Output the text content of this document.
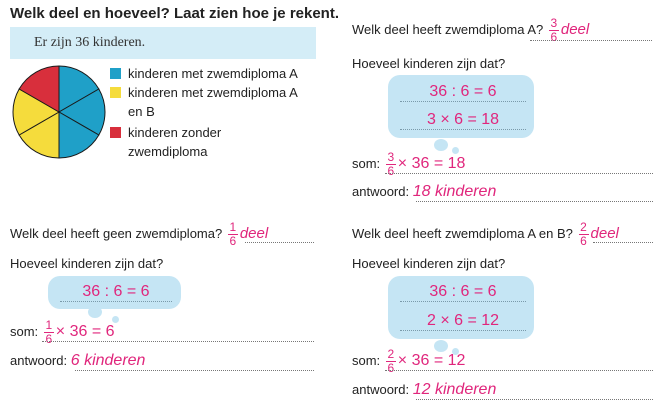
Welk deel en hoeveel? Laat zien hoe je rekent.
Er zijn 36 kinderen.
kinderen met zwemdiploma A
kinderen met zwemdiploma A
en B
kinderen zonder
zwemdiploma
Welk deel heeft zwemdiploma A? $\frac{3}{6}$ deel
Hoeveel kinderen zijn dat?
36 : 6 = 6
3 × 6 = 18
som: $\frac{3}{6} \times 36 = 18$
antwoord: 18 kinderen
Welk deel heeft geen zwemdiploma? $\frac{1}{6}$ deel
Hoeveel kinderen zijn dat?
36 : 6 = 6
som: $\frac{1}{6} \times 36 = 6$
antwoord: 6 kinderen
Welk deel heeft zwemdiploma A en B? $\frac{2}{6}$ deel
Hoeveel kinderen zijn dat?
36 : 6 = 6
2 × 6 = 12
som: $\frac{2}{6} \times 36 = 12$
antwoord: 12 kinderen
